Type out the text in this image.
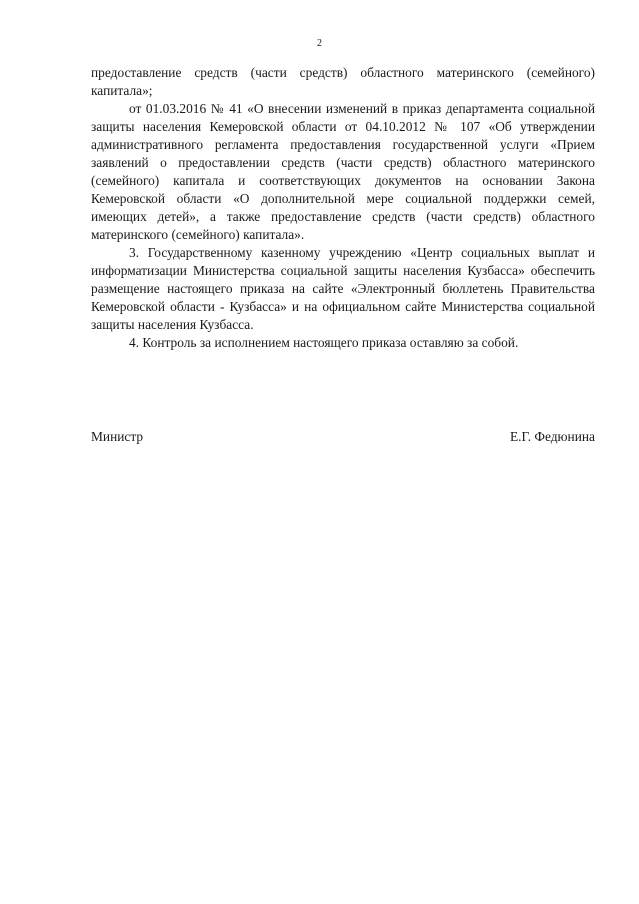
2

предоставление средств (части средств) областного материнского (семейного) капитала»;

от 01.03.2016 № 41 «О внесении изменений в приказ департамента социальной защиты населения Кемеровской области от 04.10.2012 № 107 «Об утверждении административного регламента предоставления государственной услуги «Прием заявлений о предоставлении средств (части средств) областного материнского (семейного) капитала и соответствующих документов на основании Закона Кемеровской области «О дополнительной мере социальной поддержки семей, имеющих детей», а также предоставление средств (части средств) областного материнского (семейного) капитала».

3. Государственному казенному учреждению «Центр социальных выплат и информатизации Министерства социальной защиты населения Кузбасса» обеспечить размещение настоящего приказа на сайте «Электронный бюллетень Правительства Кемеровской области - Кузбасса» и на официальном сайте Министерства социальной защиты населения Кузбасса.

4. Контроль за исполнением настоящего приказа оставляю за собой.

Министр	Е.Г. Федюнина
